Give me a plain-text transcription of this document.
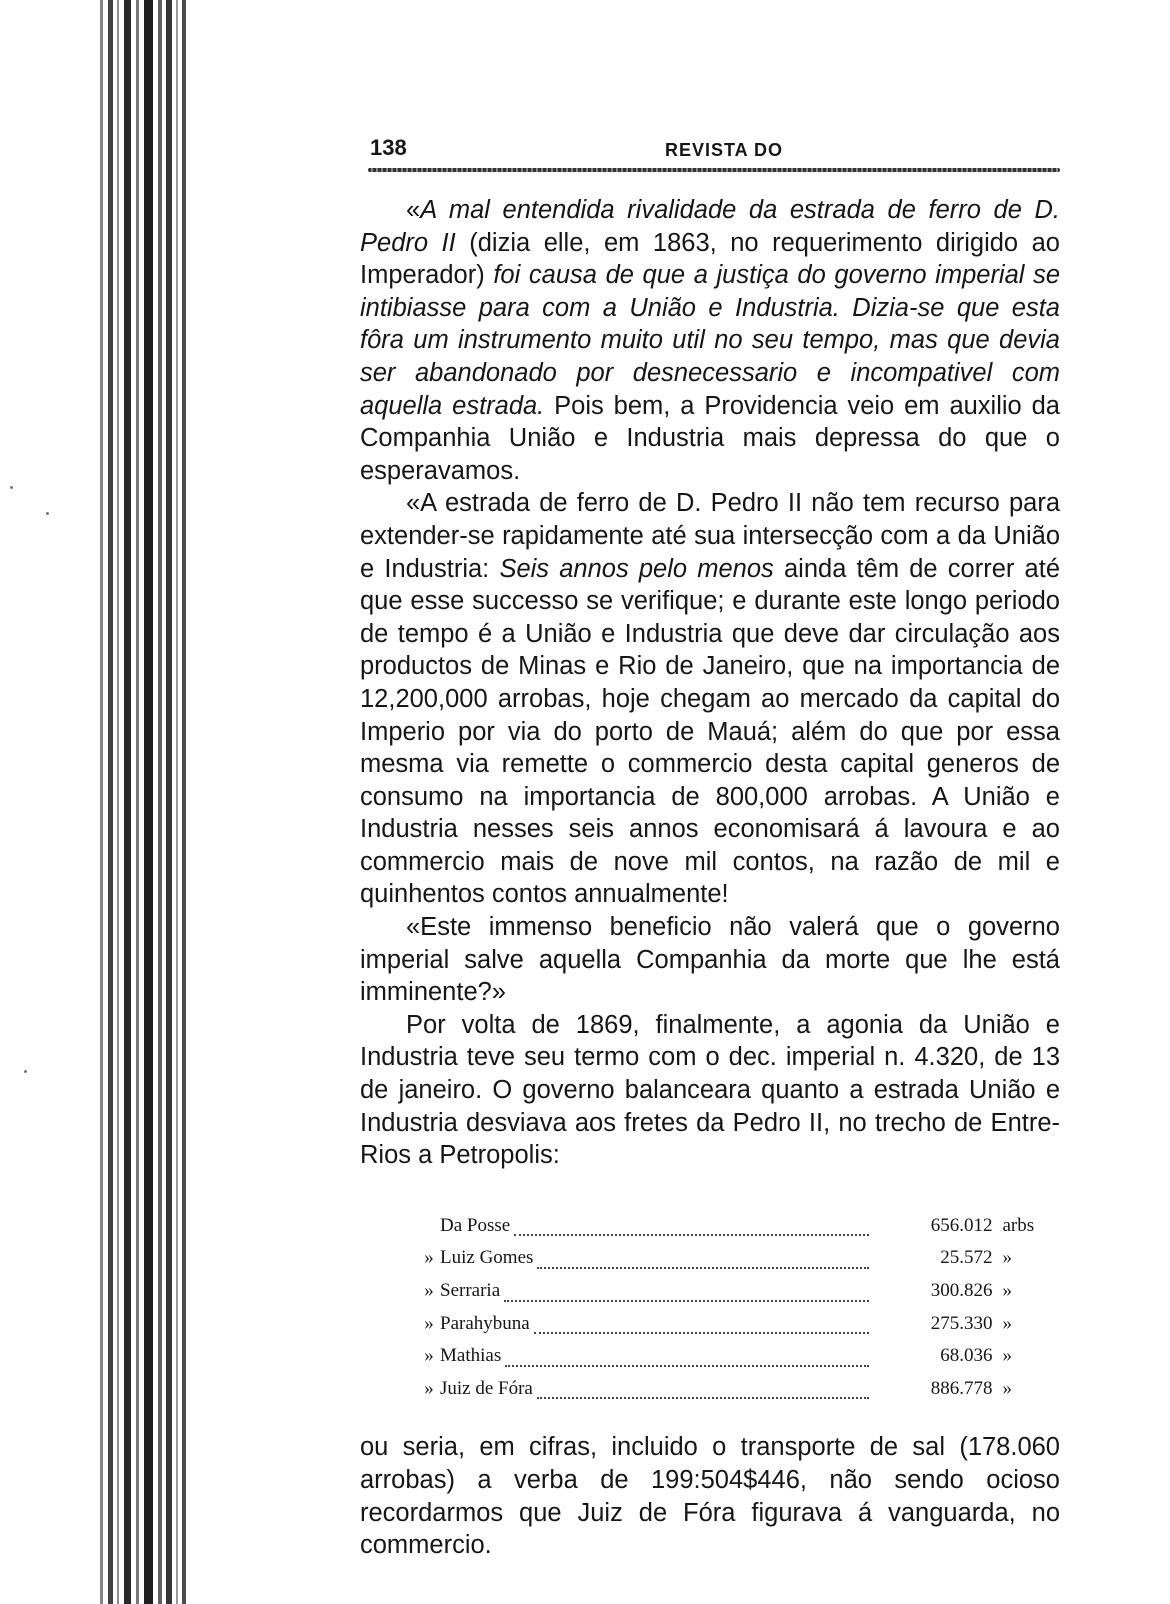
138	REVISTA DO

«A mal entendida rivalidade da estrada de ferro de D. Pedro II (dizia elle, em 1863, no requerimento dirigido ao Imperador) foi causa de que a justiça do governo imperial se intibiasse para com a União e Industria. Dizia-se que esta fôra um instrumento muito util no seu tempo, mas que devia ser abandonado por desnecessario e incompativel com aquella estrada. Pois bem, a Providencia veio em auxilio da Companhia União e Industria mais depressa do que o esperavamos.

«A estrada de ferro de D. Pedro II não tem recurso para extender-se rapidamente até sua intersecção com a da União e Industria: Seis annos pelo menos ainda têm de correr até que esse successo se verifique; e durante este longo periodo de tempo é a União e Industria que deve dar circulação aos productos de Minas e Rio de Janeiro, que na importancia de 12,200,000 arrobas, hoje chegam ao mercado da capital do Imperio por via do porto de Mauá; além do que por essa mesma via remette o commercio desta capital generos de consumo na importancia de 800,000 arrobas. A União e Industria nesses seis annos economisará á lavoura e ao commercio mais de nove mil contos, na razão de mil e quinhentos contos annualmente!

«Este immenso beneficio não valerá que o governo imperial salve aquella Companhia da morte que lhe está imminente?»

Por volta de 1869, finalmente, a agonia da União e Industria teve seu termo com o dec. imperial n. 4.320, de 13 de janeiro. O governo balanceara quanto a estrada União e Industria desviava aos fretes da Pedro II, no trecho de Entre-Rios a Petropolis:

Da Posse	656.012	arbs

» Luiz Gomes	25.572	»

» Serraria	300.826	»

» Parahybuna	275.330	»

» Mathias	68.036	»

» Juiz de Fóra	886.778	»

ou seria, em cifras, incluido o transporte de sal (178.060 arrobas) a verba de 199:504$446, não sendo ocioso recordarmos que Juiz de Fóra figurava á vanguarda, no commercio.
